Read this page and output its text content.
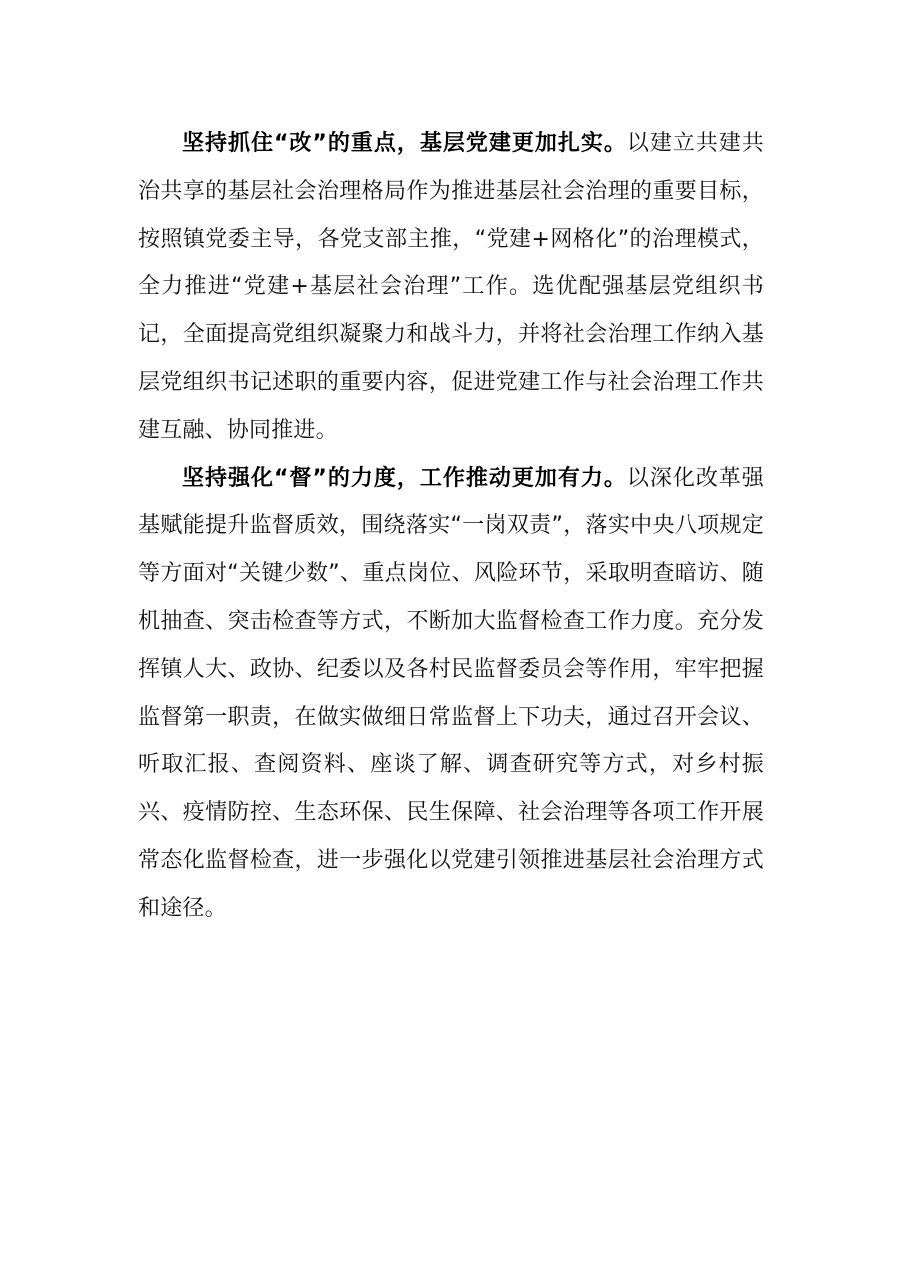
坚持抓住“改”的重点，基层党建更加扎实。以建立共建共治共享的基层社会治理格局作为推进基层社会治理的重要目标，按照镇党委主导，各党支部主推，“党建+网格化”的治理模式，全力推进“党建+基层社会治理”工作。选优配强基层党组织书记，全面提高党组织凝聚力和战斗力，并将社会治理工作纳入基层党组织书记述职的重要内容，促进党建工作与社会治理工作共建互融、协同推进。

坚持强化“督”的力度，工作推动更加有力。以深化改革强基赋能提升监督质效，围绕落实“一岗双责”，落实中央八项规定等方面对“关键少数”、重点岗位、风险环节，采取明查暗访、随机抽查、突击检查等方式，不断加大监督检查工作力度。充分发挥镇人大、政协、纪委以及各村民监督委员会等作用，牢牢把握监督第一职责，在做实做细日常监督上下功夫，通过召开会议、听取汇报、查阅资料、座谈了解、调查研究等方式，对乡村振兴、疫情防控、生态环保、民生保障、社会治理等各项工作开展常态化监督检查，进一步强化以党建引领推进基层社会治理方式和途径。
